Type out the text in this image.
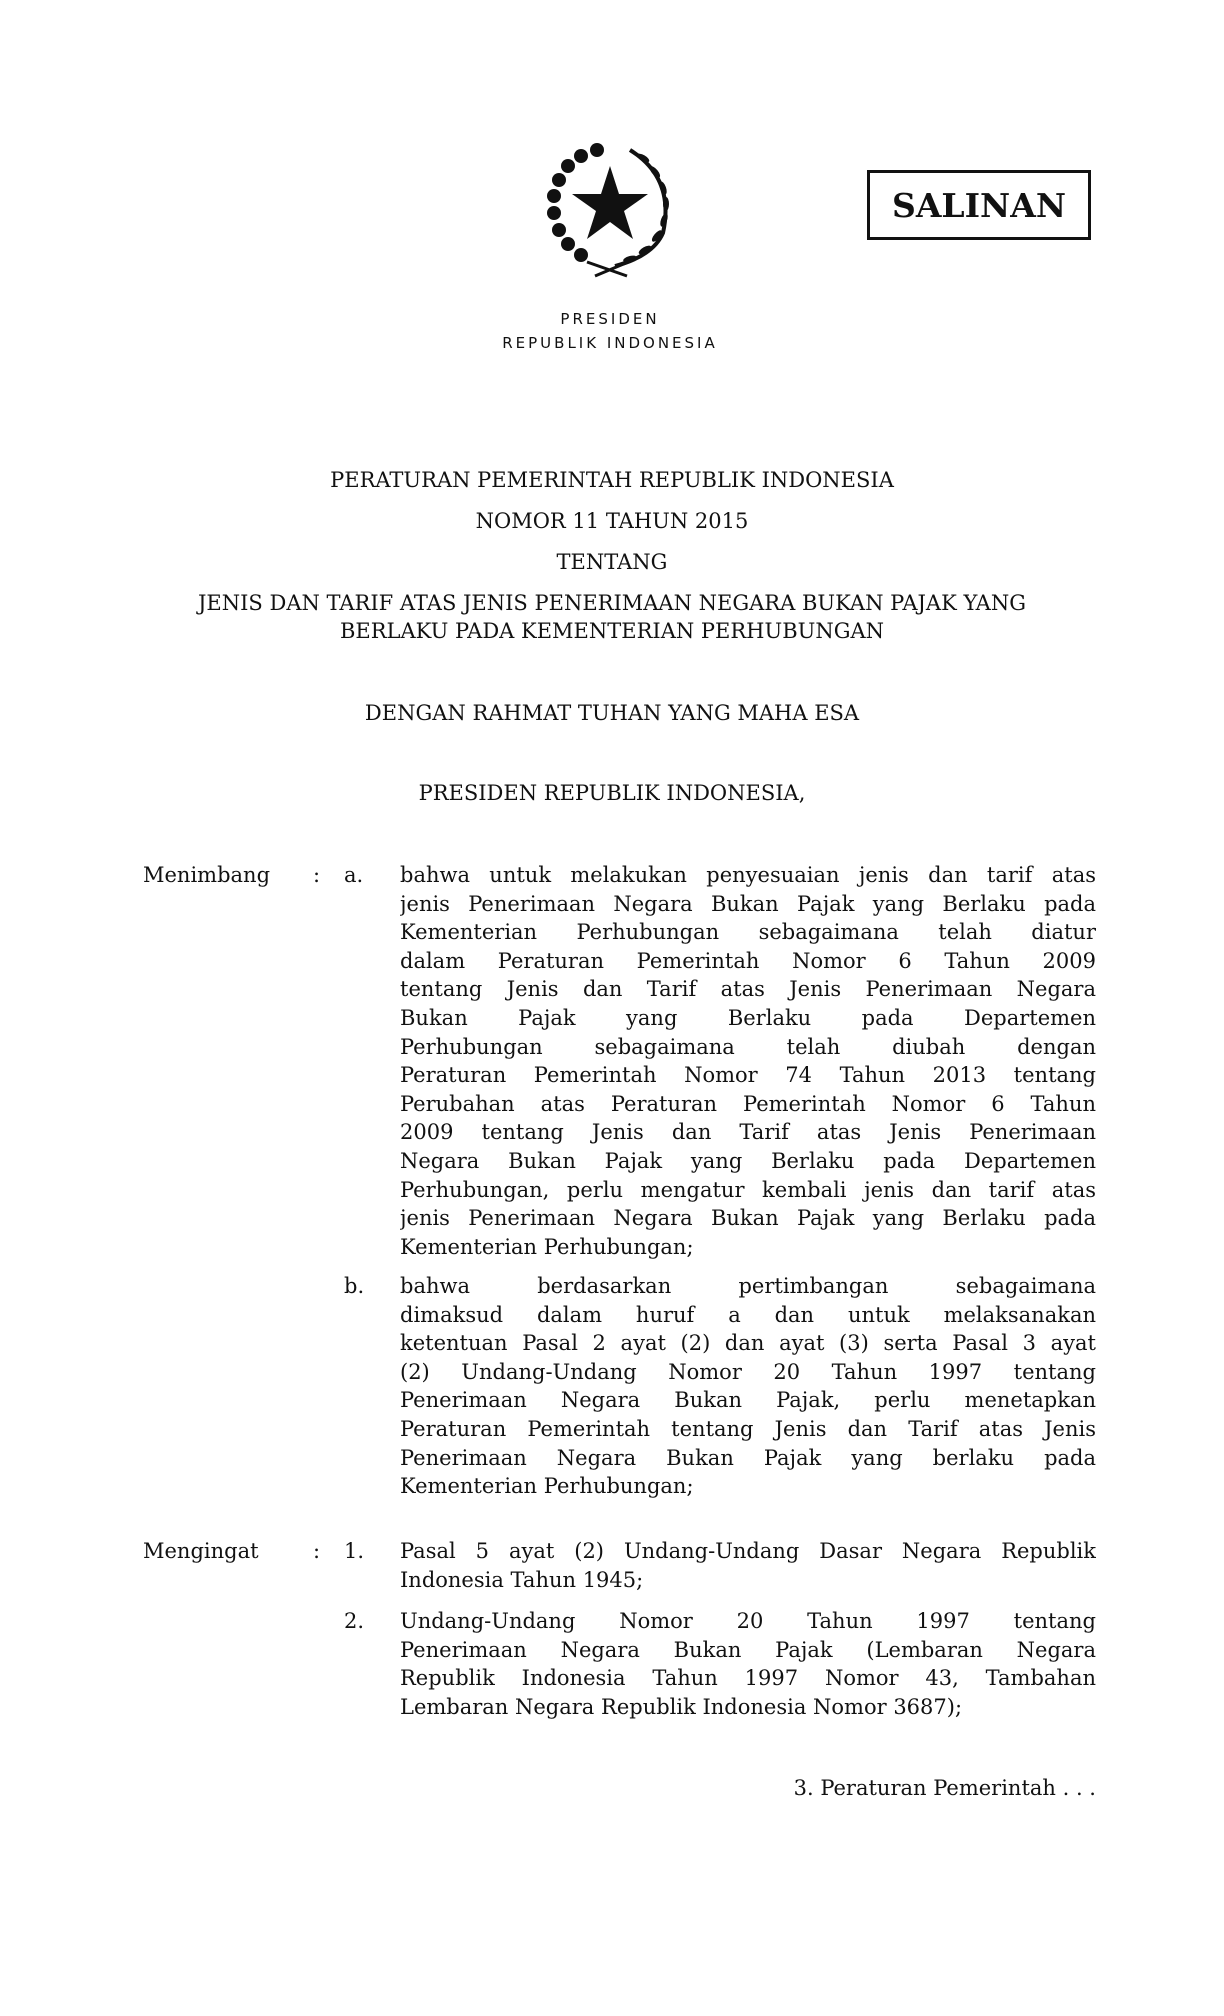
PRESIDEN
REPUBLIK INDONESIA
SALINAN
PERATURAN PEMERINTAH REPUBLIK INDONESIA
NOMOR 11 TAHUN 2015
TENTANG
JENIS DAN TARIF ATAS JENIS PENERIMAAN NEGARA BUKAN PAJAK YANG
BERLAKU PADA KEMENTERIAN PERHUBUNGAN
DENGAN RAHMAT TUHAN YANG MAHA ESA
PRESIDEN REPUBLIK INDONESIA,
Menimbang : a. bahwa untuk melakukan penyesuaian jenis dan tarif atas
jenis Penerimaan Negara Bukan Pajak yang Berlaku pada
Kementerian Perhubungan sebagaimana telah diatur
dalam Peraturan Pemerintah Nomor 6 Tahun 2009
tentang Jenis dan Tarif atas Jenis Penerimaan Negara
Bukan Pajak yang Berlaku pada Departemen
Perhubungan sebagaimana telah diubah dengan
Peraturan Pemerintah Nomor 74 Tahun 2013 tentang
Perubahan atas Peraturan Pemerintah Nomor 6 Tahun
2009 tentang Jenis dan Tarif atas Jenis Penerimaan
Negara Bukan Pajak yang Berlaku pada Departemen
Perhubungan, perlu mengatur kembali jenis dan tarif atas
jenis Penerimaan Negara Bukan Pajak yang Berlaku pada
Kementerian Perhubungan;
b. bahwa berdasarkan pertimbangan sebagaimana
dimaksud dalam huruf a dan untuk melaksanakan
ketentuan Pasal 2 ayat (2) dan ayat (3) serta Pasal 3 ayat
(2) Undang-Undang Nomor 20 Tahun 1997 tentang
Penerimaan Negara Bukan Pajak, perlu menetapkan
Peraturan Pemerintah tentang Jenis dan Tarif atas Jenis
Penerimaan Negara Bukan Pajak yang berlaku pada
Kementerian Perhubungan;
Mengingat	: 1. Pasal 5 ayat (2) Undang-Undang Dasar Negara Republik
Indonesia Tahun 1945;
2. Undang-Undang Nomor 20 Tahun 1997 tentang
Penerimaan Negara Bukan Pajak (Lembaran Negara
Republik Indonesia Tahun 1997 Nomor 43, Tambahan
Lembaran Negara Republik Indonesia Nomor 3687);
3. Peraturan Pemerintah . . .
